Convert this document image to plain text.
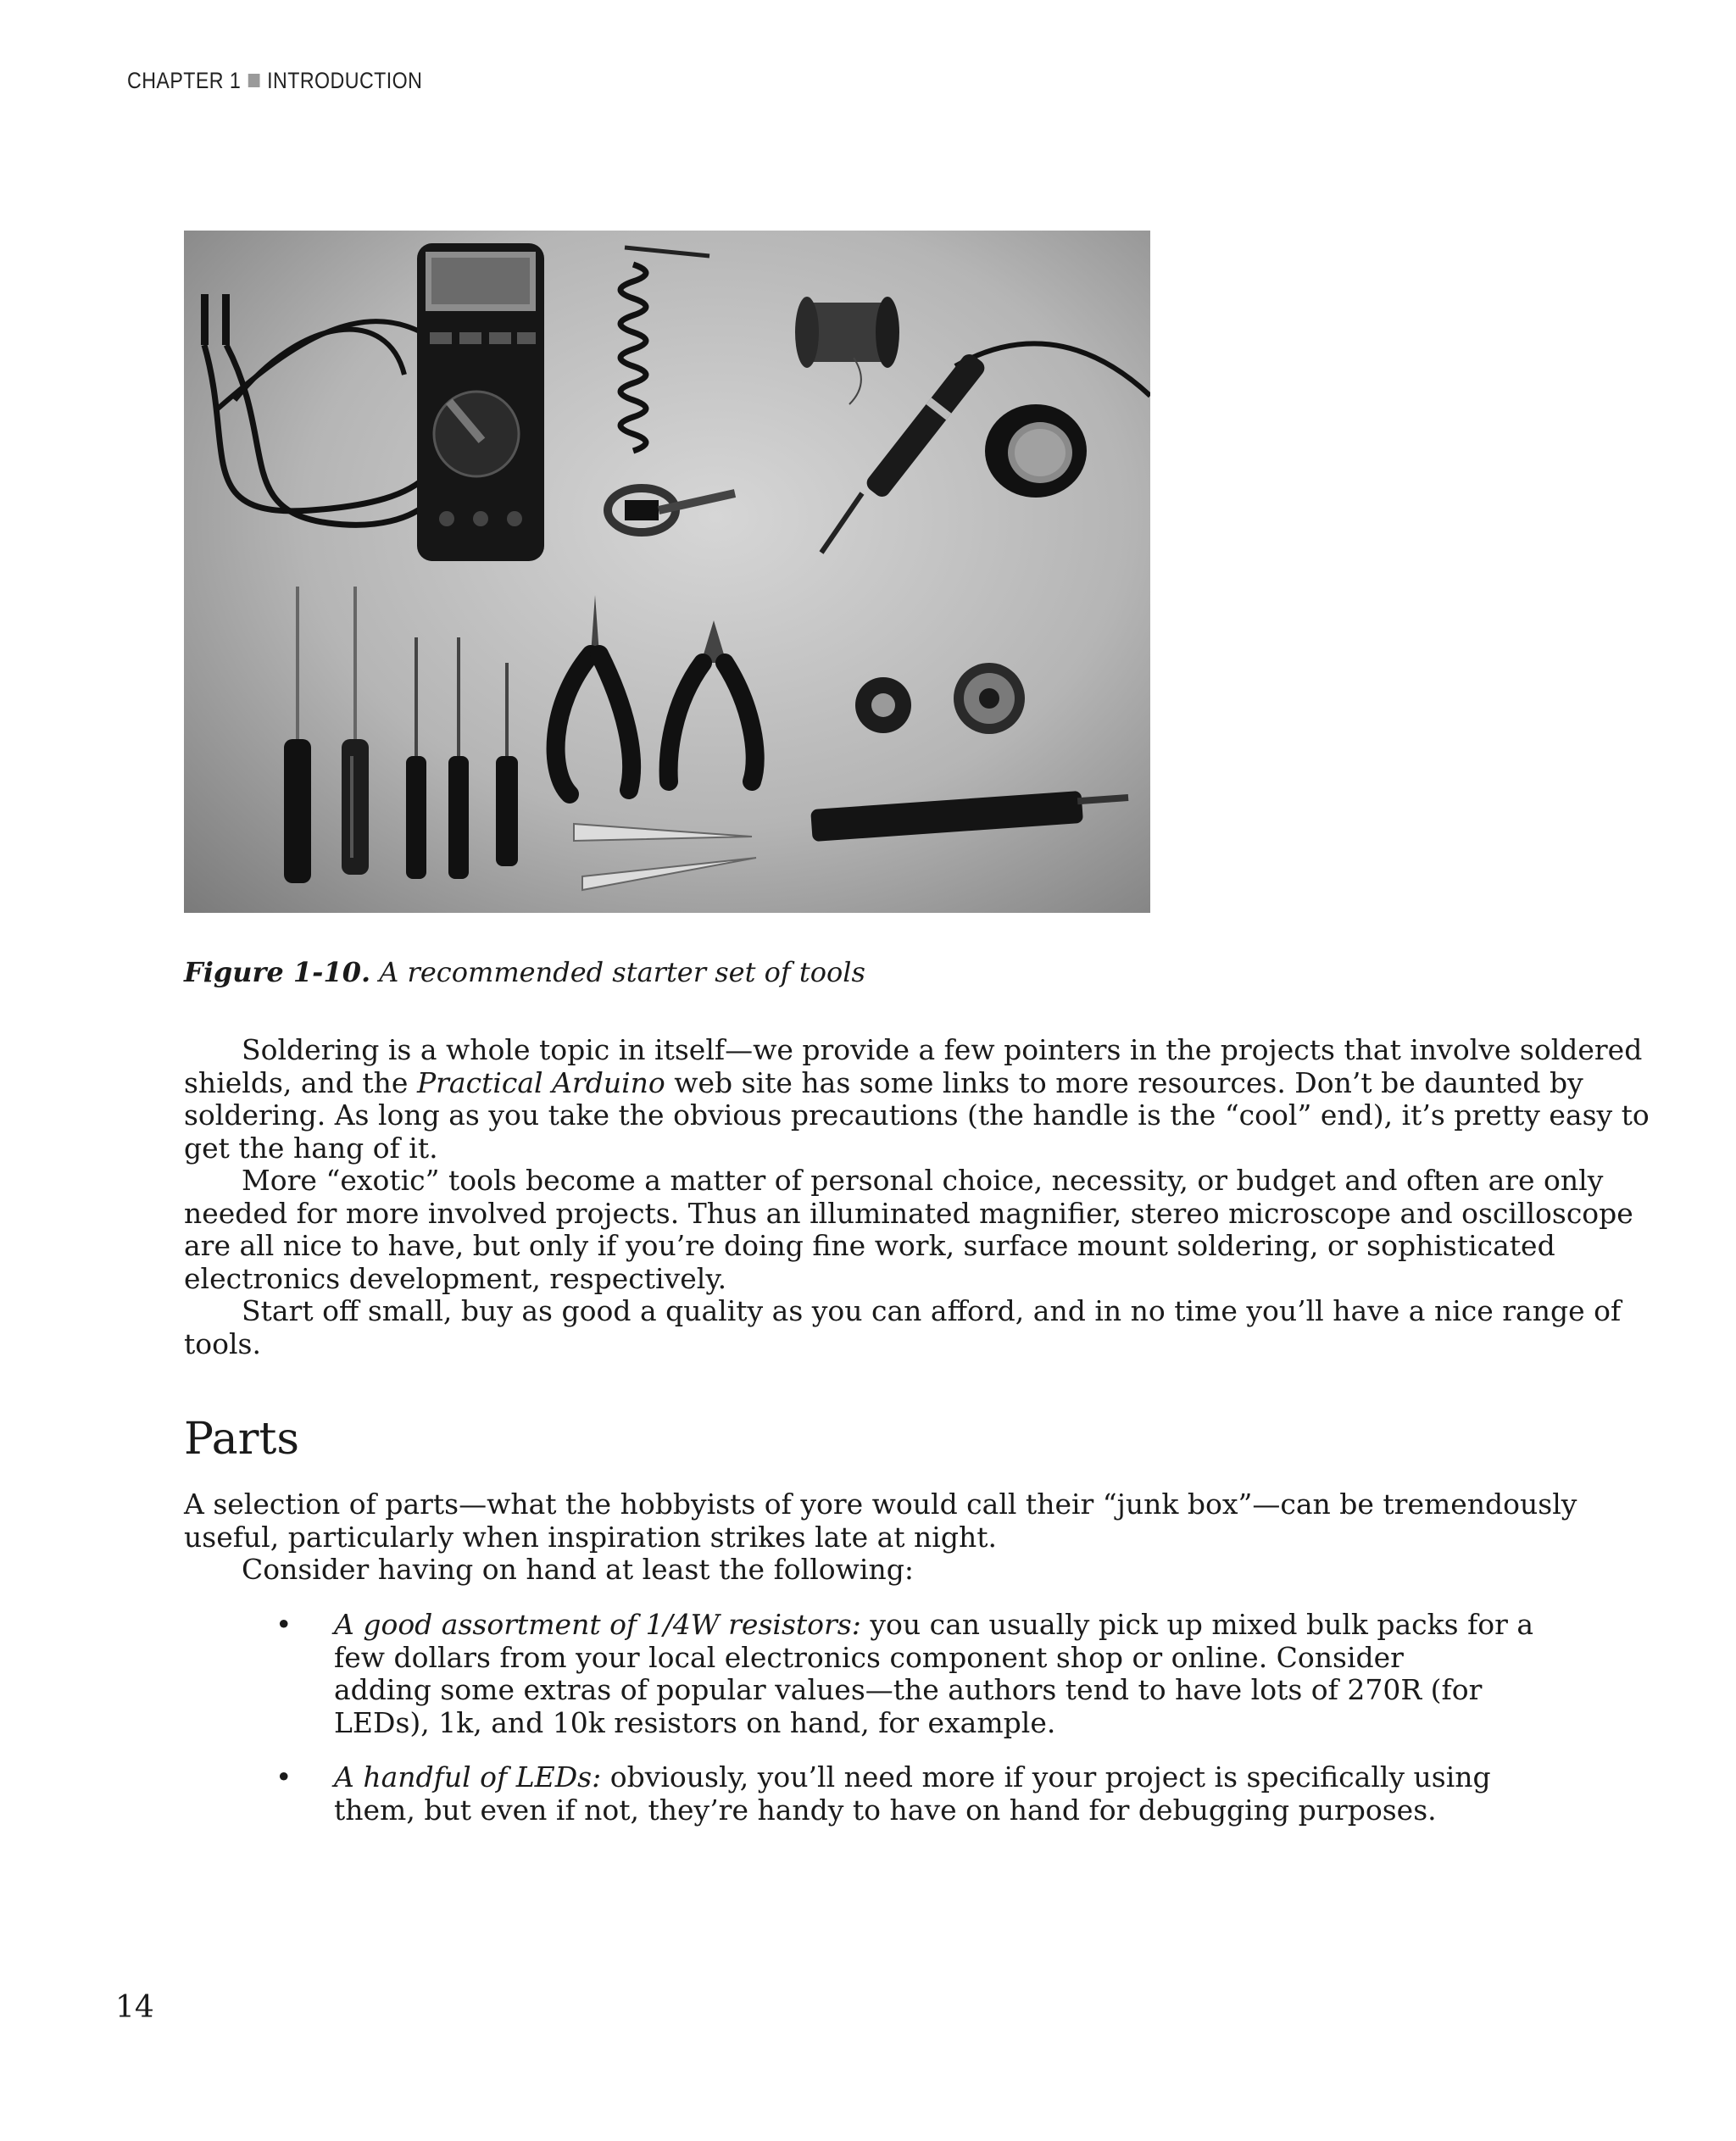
CHAPTER 1 INTRODUCTION
Figure 1-10. A recommended starter set of tools
Soldering is a whole topic in itself—we provide a few pointers in the projects that involve soldered
shields, and the Practical Arduino web site has some links to more resources. Don’t be daunted by
soldering. As long as you take the obvious precautions (the handle is the “cool” end), it’s pretty easy to
get the hang of it.
More “exotic” tools become a matter of personal choice, necessity, or budget and often are only
needed for more involved projects. Thus an illuminated magnifier, stereo microscope and oscilloscope
are all nice to have, but only if you’re doing fine work, surface mount soldering, or sophisticated
electronics development, respectively.
Start off small, buy as good a quality as you can afford, and in no time you’ll have a nice range of
tools.
Parts
A selection of parts—what the hobbyists of yore would call their “junk box”—can be tremendously
useful, particularly when inspiration strikes late at night.
Consider having on hand at least the following:
• A good assortment of 1/4W resistors: you can usually pick up mixed bulk packs for a
few dollars from your local electronics component shop or online. Consider
adding some extras of popular values—the authors tend to have lots of 270R (for
LEDs), 1k, and 10k resistors on hand, for example.
• A handful of LEDs: obviously, you’ll need more if your project is specifically using
them, but even if not, they’re handy to have on hand for debugging purposes.
14
